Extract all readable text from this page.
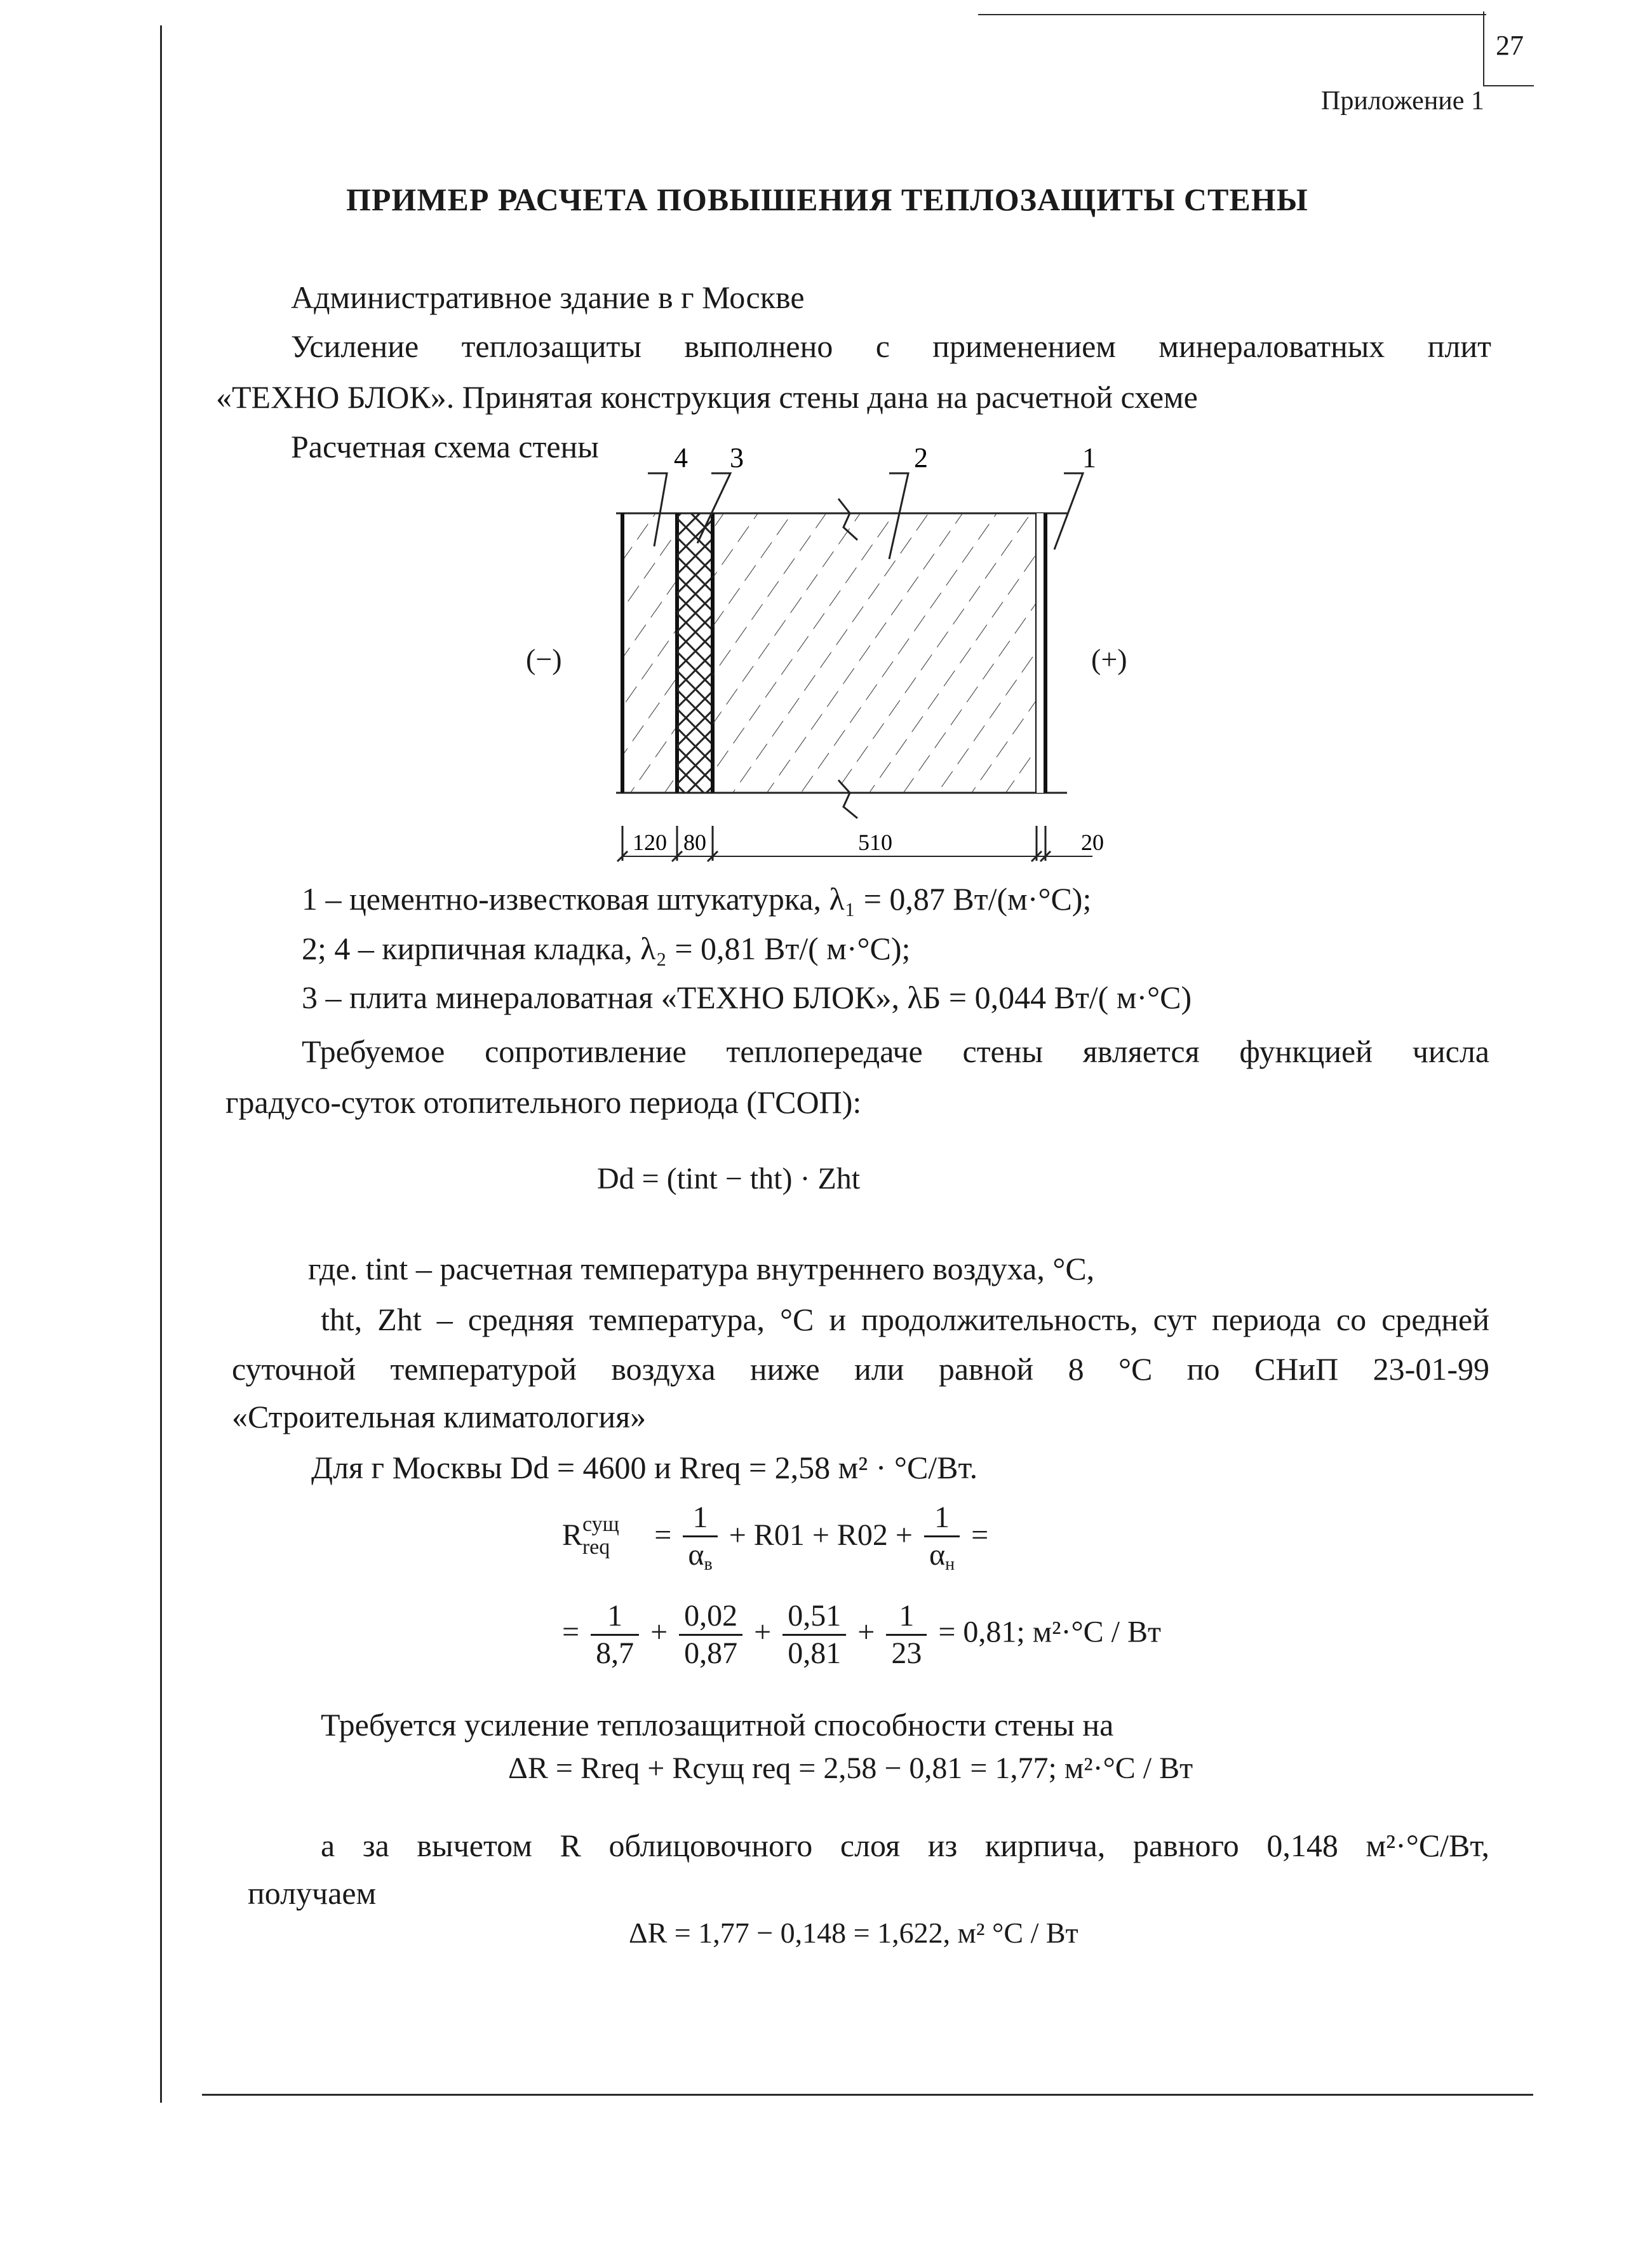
27
Приложение 1
ПРИМЕР РАСЧЕТА ПОВЫШЕНИЯ ТЕПЛОЗАЩИТЫ СТЕНЫ
Административное здание в г Москве
Усиление теплозащиты выполнено с применением минераловатных плит
«ТЕХНО БЛОК». Принятая конструкция стены дана на расчетной схеме
Расчетная схема стены	4 3	2	1
120 80	510	20
(−)	(+)
1 – цементно-известковая штукатурка, λ₁ = 0,87 Вт/(м·°С);
2; 4 – кирпичная кладка, λ₂ = 0,81 Вт/( м·°С);
3 – плита минераловатная «ТЕХНО БЛОК», λБ = 0,044 Вт/( м·°С)
Требуемое сопротивление теплопередаче стены является функцией числа
градусо-суток отопительного периода (ГСОП):
Dd = (tint − tht) · Zht
где. tint – расчетная температура внутреннего воздуха, °С,
tht, Zht – средняя температура, °С и продолжительность, сут периода со средней
суточной температурой воздуха ниже или равной 8 °С по СНиП 23-01-99
«Строительная климатология»
Для г Москвы Dd = 4600 и Rreq = 2,58 м² · °С/Вт.
$R^{сущ}_{req} = \frac{1}{\alpha_в} + R01 + R02 + \frac{1}{\alpha_н}$ =
= $\frac{1}{8,7} + \frac{0,02}{0,87} + \frac{0,51}{0,81} + \frac{1}{23} = 0,81$; м²·°С / Вт
Требуется усиление теплозащитной способности стены на
ΔR = Rreq + Rсущ req = 2,58 − 0,81 = 1,77; м²·°С / Вт
а за вычетом R облицовочного слоя из кирпича, равного 0,148 м²·°С/Вт,
получаем
ΔR = 1,77 − 0,148 = 1,622, м² °С / Вт
